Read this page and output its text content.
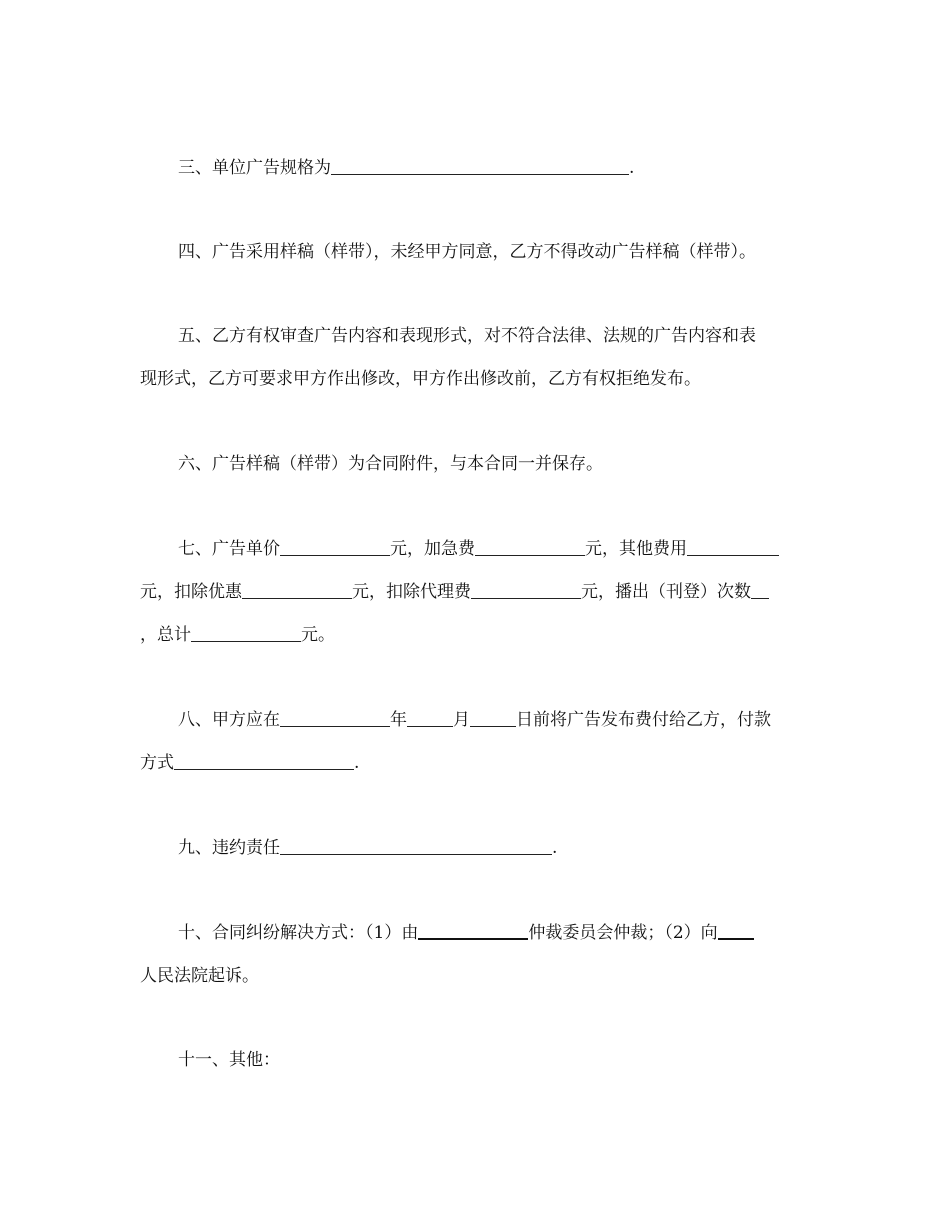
三、单位广告规格为	.
四、广告采用样稿（样带），未经甲方同意，乙方不得改动广告样稿（样带）。
五、乙方有权审查广告内容和表现形式，对不符合法律、法规的广告内容和表
现形式，乙方可要求甲方作出修改，甲方作出修改前，乙方有权拒绝发布。
六、广告样稿（样带）为合同附件，与本合同一并保存。
七、广告单价	元，加急费	元，其他费用
元，扣除优惠	元，扣除代理费	元，播出（刊登）次数
，总计	元。
八、甲方应在	年	月	日前将广告发布费付给乙方，付款
方式	.
九、违约责任	.
十、合同纠纷解决方式：（1）由	仲裁委员会仲裁；（2）向
人民法院起诉。
十一、其他：
